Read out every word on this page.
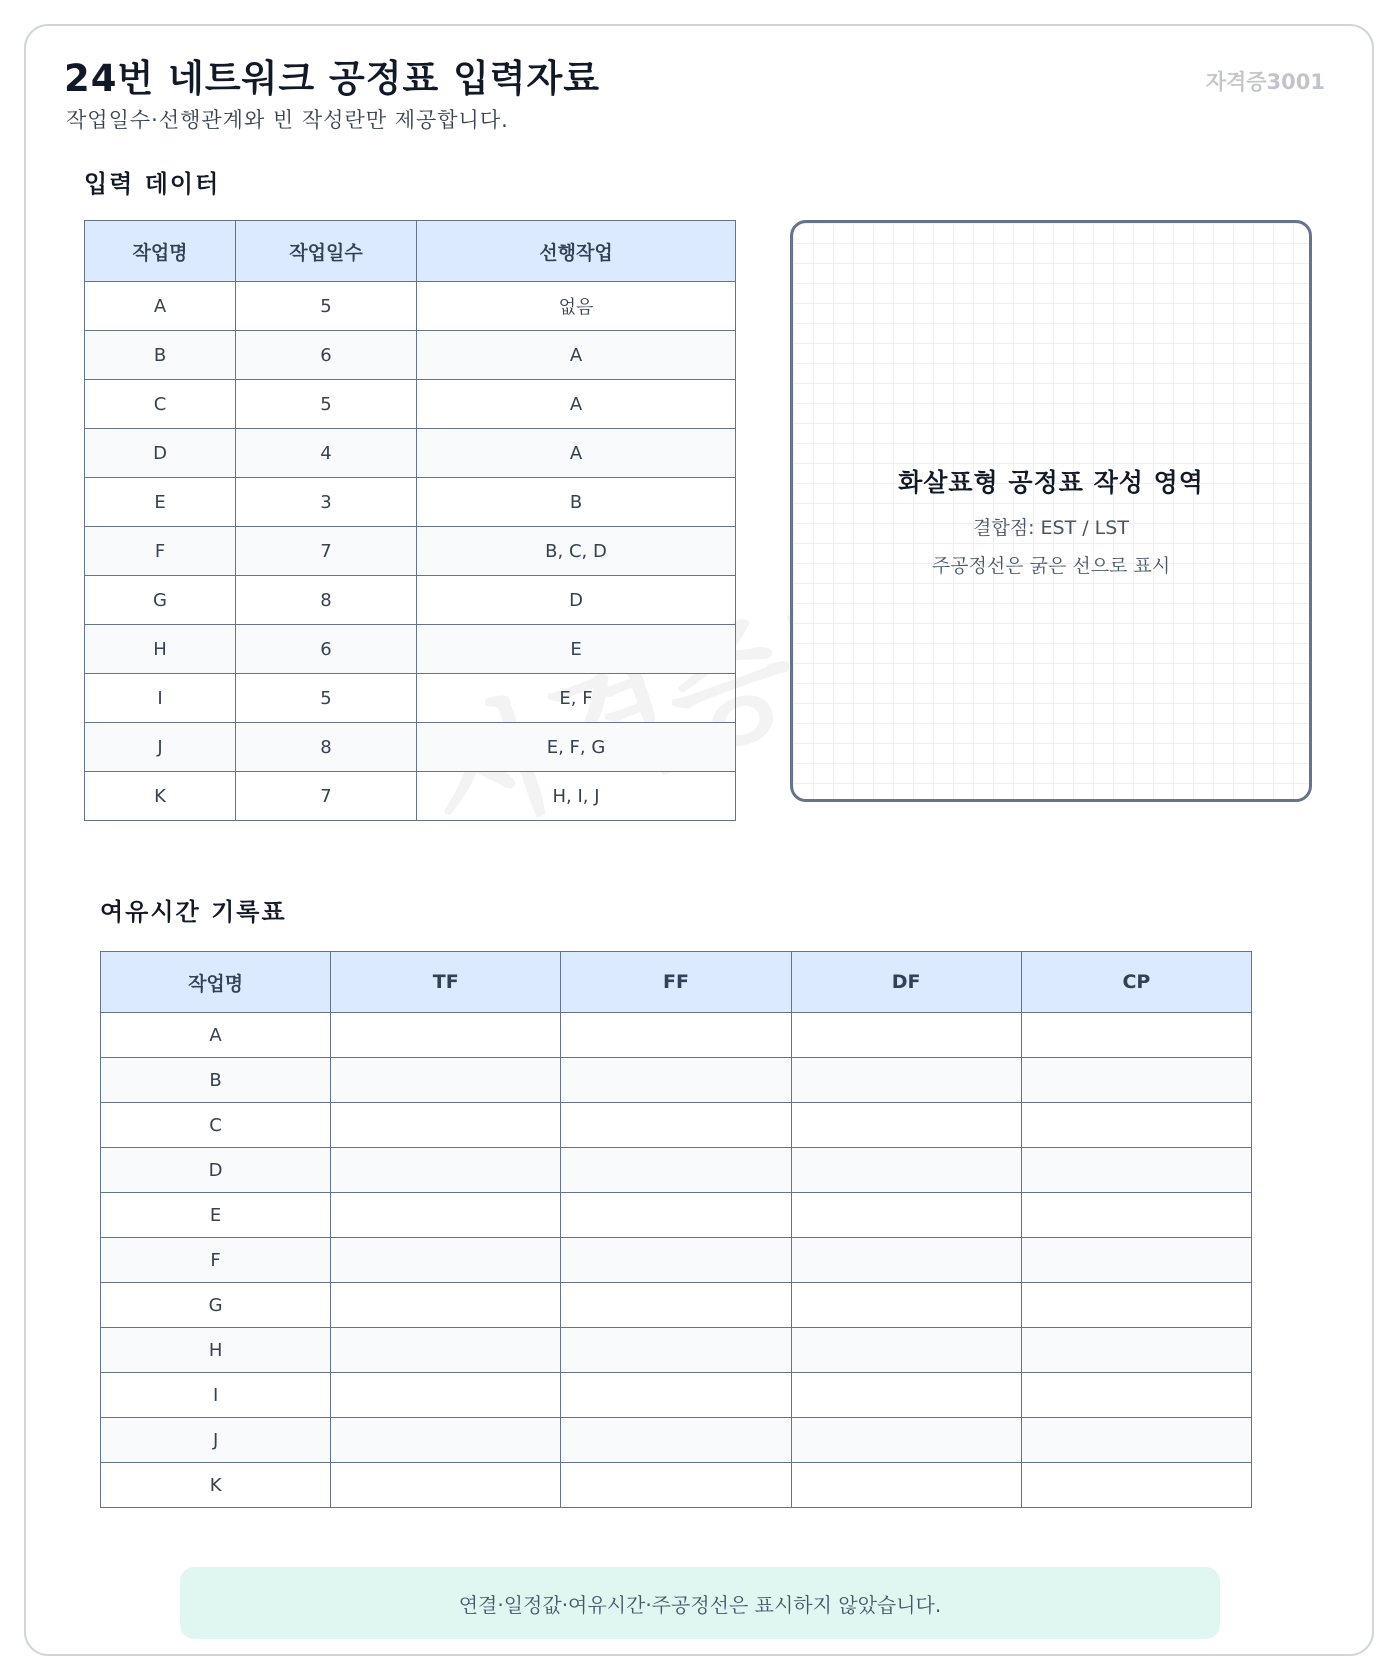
24번 네트워크 공정표 입력자료
작업일수·선행관계와 빈 작성란만 제공합니다.
자격증3001
입력 데이터
작업명	작업일수	선행작업
A	5	없음
B	6	A
C	5	A
D	4	A
E	3	B
F	7	B, C, D
G	8	D
H	6	E
I	5	E, F
J	8	E, F, G
K	7	H, I, J
화살표형 공정표 작성 영역
결합점: EST / LST
주공정선은 굵은 선으로 표시
여유시간 기록표
작업명	TF	FF	DF	CP
A				
B				
C				
D				
E				
F				
G				
H				
I				
J				
K				
연결·일정값·여유시간·주공정선은 표시하지 않았습니다.
